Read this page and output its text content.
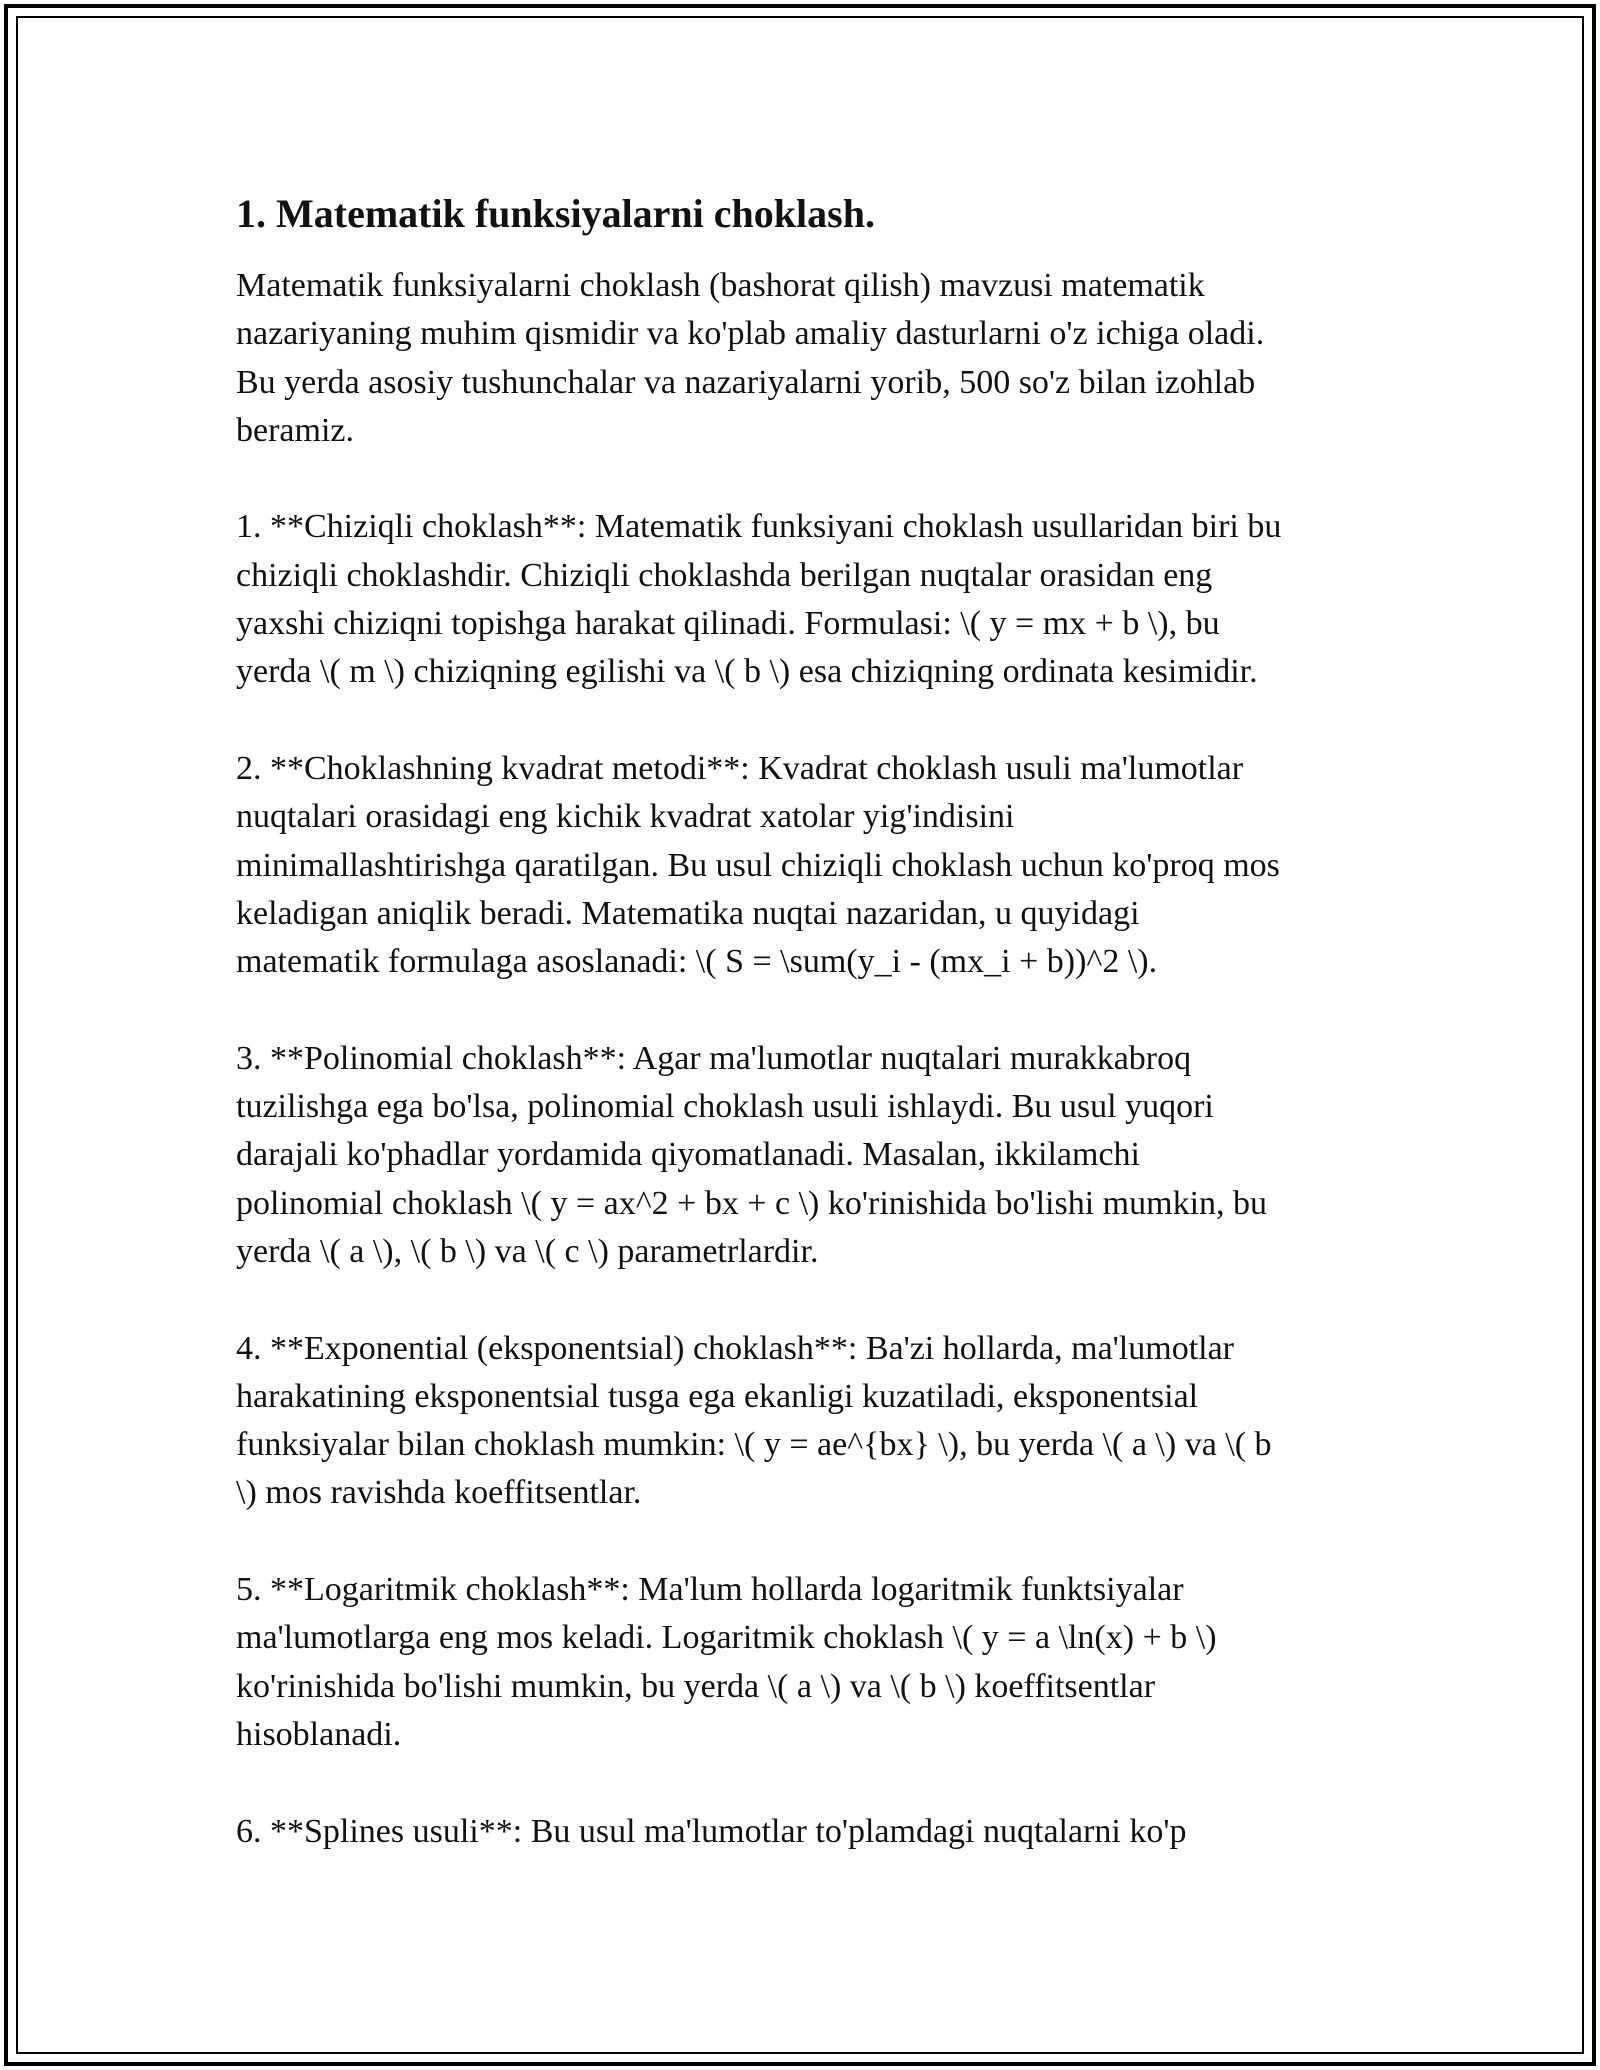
1. Matematik funksiyalarni choklash.

Matematik funksiyalarni choklash (bashorat qilish) mavzusi matematik
nazariyaning muhim qismidir va ko'plab amaliy dasturlarni o'z ichiga oladi.
Bu yerda asosiy tushunchalar va nazariyalarni yorib, 500 so'z bilan izohlab
beramiz.

1. **Chiziqli choklash**: Matematik funksiyani choklash usullaridan biri bu
chiziqli choklashdir. Chiziqli choklashda berilgan nuqtalar orasidan eng
yaxshi chiziqni topishga harakat qilinadi. Formulasi: \( y = mx + b \), bu
yerda \( m \) chiziqning egilishi va \( b \) esa chiziqning ordinata kesimidir.

2. **Choklashning kvadrat metodi**: Kvadrat choklash usuli ma'lumotlar
nuqtalari orasidagi eng kichik kvadrat xatolar yig'indisini
minimallashtirishga qaratilgan. Bu usul chiziqli choklash uchun ko'proq mos
keladigan aniqlik beradi. Matematika nuqtai nazaridan, u quyidagi
matematik formulaga asoslanadi: \( S = \sum(y_i - (mx_i + b))^2 \).

3. **Polinomial choklash**: Agar ma'lumotlar nuqtalari murakkabroq
tuzilishga ega bo'lsa, polinomial choklash usuli ishlaydi. Bu usul yuqori
darajali ko'phadlar yordamida qiyomatlanadi. Masalan, ikkilamchi
polinomial choklash \( y = ax^2 + bx + c \) ko'rinishida bo'lishi mumkin, bu
yerda \( a \), \( b \) va \( c \) parametrlardir.

4. **Exponential (eksponentsial) choklash**: Ba'zi hollarda, ma'lumotlar
harakatining eksponentsial tusga ega ekanligi kuzatiladi, eksponentsial
funksiyalar bilan choklash mumkin: \( y = ae^{bx} \), bu yerda \( a \) va \( b
\) mos ravishda koeffitsentlar.

5. **Logaritmik choklash**: Ma'lum hollarda logaritmik funktsiyalar
ma'lumotlarga eng mos keladi. Logaritmik choklash \( y = a \ln(x) + b \)
ko'rinishida bo'lishi mumkin, bu yerda \( a \) va \( b \) koeffitsentlar
hisoblanadi.

6. **Splines usuli**: Bu usul ma'lumotlar to'plamdagi nuqtalarni ko'p
